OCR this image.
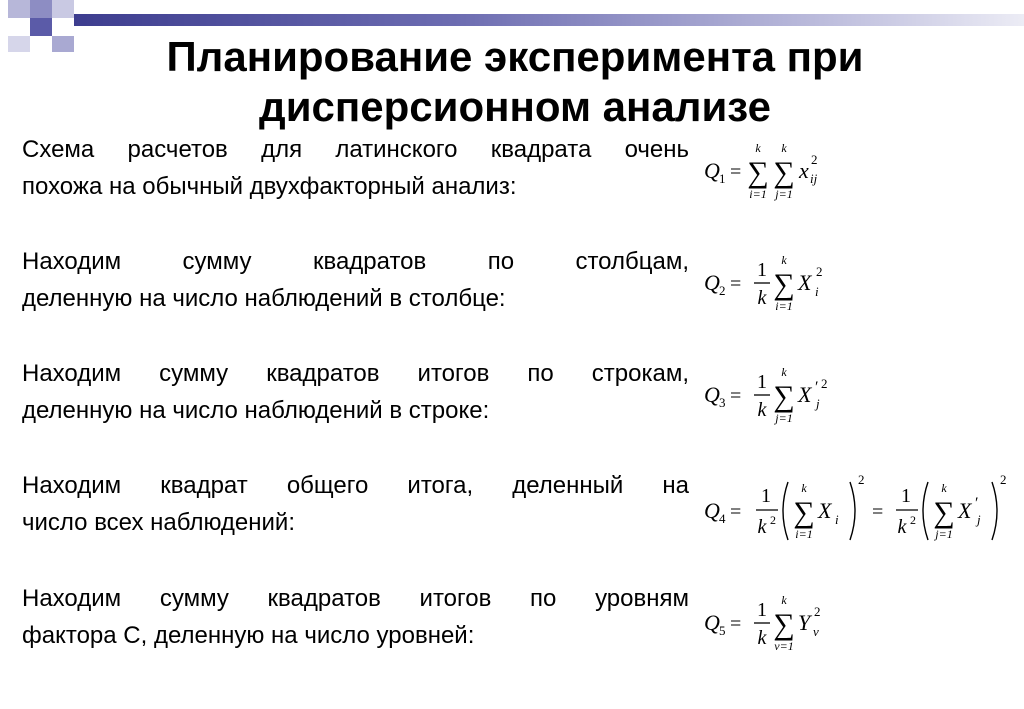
Планирование эксперимента при
дисперсионном анализе

Схема расчетов для латинского квадрата очень
похожа на обычный двухфакторный анализ:

Находим сумму квадратов по столбцам,
деленную на число наблюдений в столбце:

Находим сумму квадратов итогов по строкам,
деленную на число наблюдений в строке:

Находим квадрат общего итога, деленный на
число всех наблюдений:

Находим сумму квадратов итогов по уровням
фактора С, деленную на число уровней:

Q 1 =
k
∑
i=1
k
∑
j=1
x ij
2
Q 2 =
1
k
k
∑
i=1
X i
2
Q 3 =
1
k
k
∑
j=1
X ′
j
2
Q 4 =
1
k 2
k
∑
i=1
X i
2
=
1
k 2
k
∑
j=1
X ′
j
2
Q 5 =
1
k
k
∑
ν=1
Y ν
2
